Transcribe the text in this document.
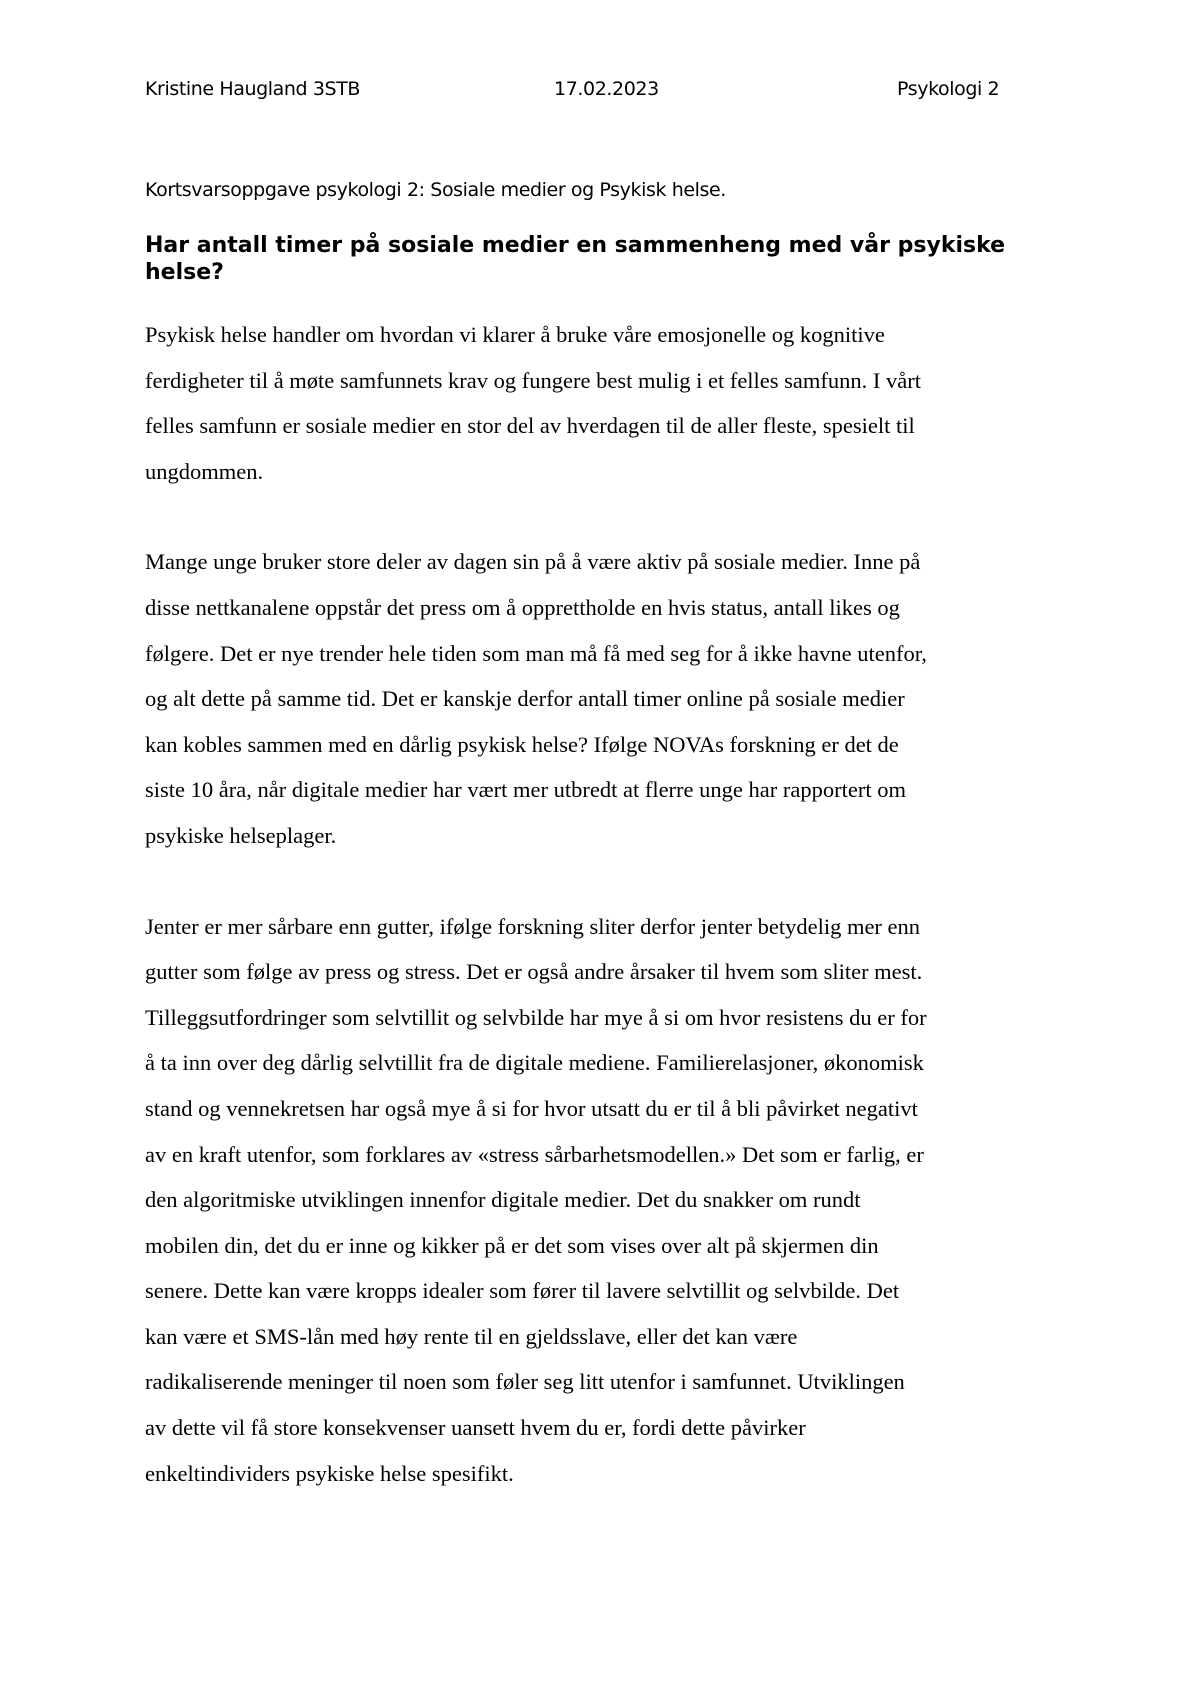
Kristine Haugland 3STB	17.02.2023	Psykologi 2
Kortsvarsoppgave psykologi 2: Sosiale medier og Psykisk helse.
Har antall timer på sosiale medier en sammenheng med vår psykiske helse?

Psykisk helse handler om hvordan vi klarer å bruke våre emosjonelle og kognitive
ferdigheter til å møte samfunnets krav og fungere best mulig i et felles samfunn. I vårt
felles samfunn er sosiale medier en stor del av hverdagen til de aller fleste, spesielt til
ungdommen.

Mange unge bruker store deler av dagen sin på å være aktiv på sosiale medier. Inne på
disse nettkanalene oppstår det press om å opprettholde en hvis status, antall likes og
følgere. Det er nye trender hele tiden som man må få med seg for å ikke havne utenfor,
og alt dette på samme tid. Det er kanskje derfor antall timer online på sosiale medier
kan kobles sammen med en dårlig psykisk helse? Ifølge NOVAs forskning er det de
siste 10 åra, når digitale medier har vært mer utbredt at flerre unge har rapportert om
psykiske helseplager.

Jenter er mer sårbare enn gutter, ifølge forskning sliter derfor jenter betydelig mer enn
gutter som følge av press og stress. Det er også andre årsaker til hvem som sliter mest.
Tilleggsutfordringer som selvtillit og selvbilde har mye å si om hvor resistens du er for
å ta inn over deg dårlig selvtillit fra de digitale mediene. Familierelasjoner, økonomisk
stand og vennekretsen har også mye å si for hvor utsatt du er til å bli påvirket negativt
av en kraft utenfor, som forklares av «stress sårbarhetsmodellen.» Det som er farlig, er
den algoritmiske utviklingen innenfor digitale medier. Det du snakker om rundt
mobilen din, det du er inne og kikker på er det som vises over alt på skjermen din
senere. Dette kan være kropps idealer som fører til lavere selvtillit og selvbilde. Det
kan være et SMS-lån med høy rente til en gjeldsslave, eller det kan være
radikaliserende meninger til noen som føler seg litt utenfor i samfunnet. Utviklingen
av dette vil få store konsekvenser uansett hvem du er, fordi dette påvirker
enkeltindividers psykiske helse spesifikt.
